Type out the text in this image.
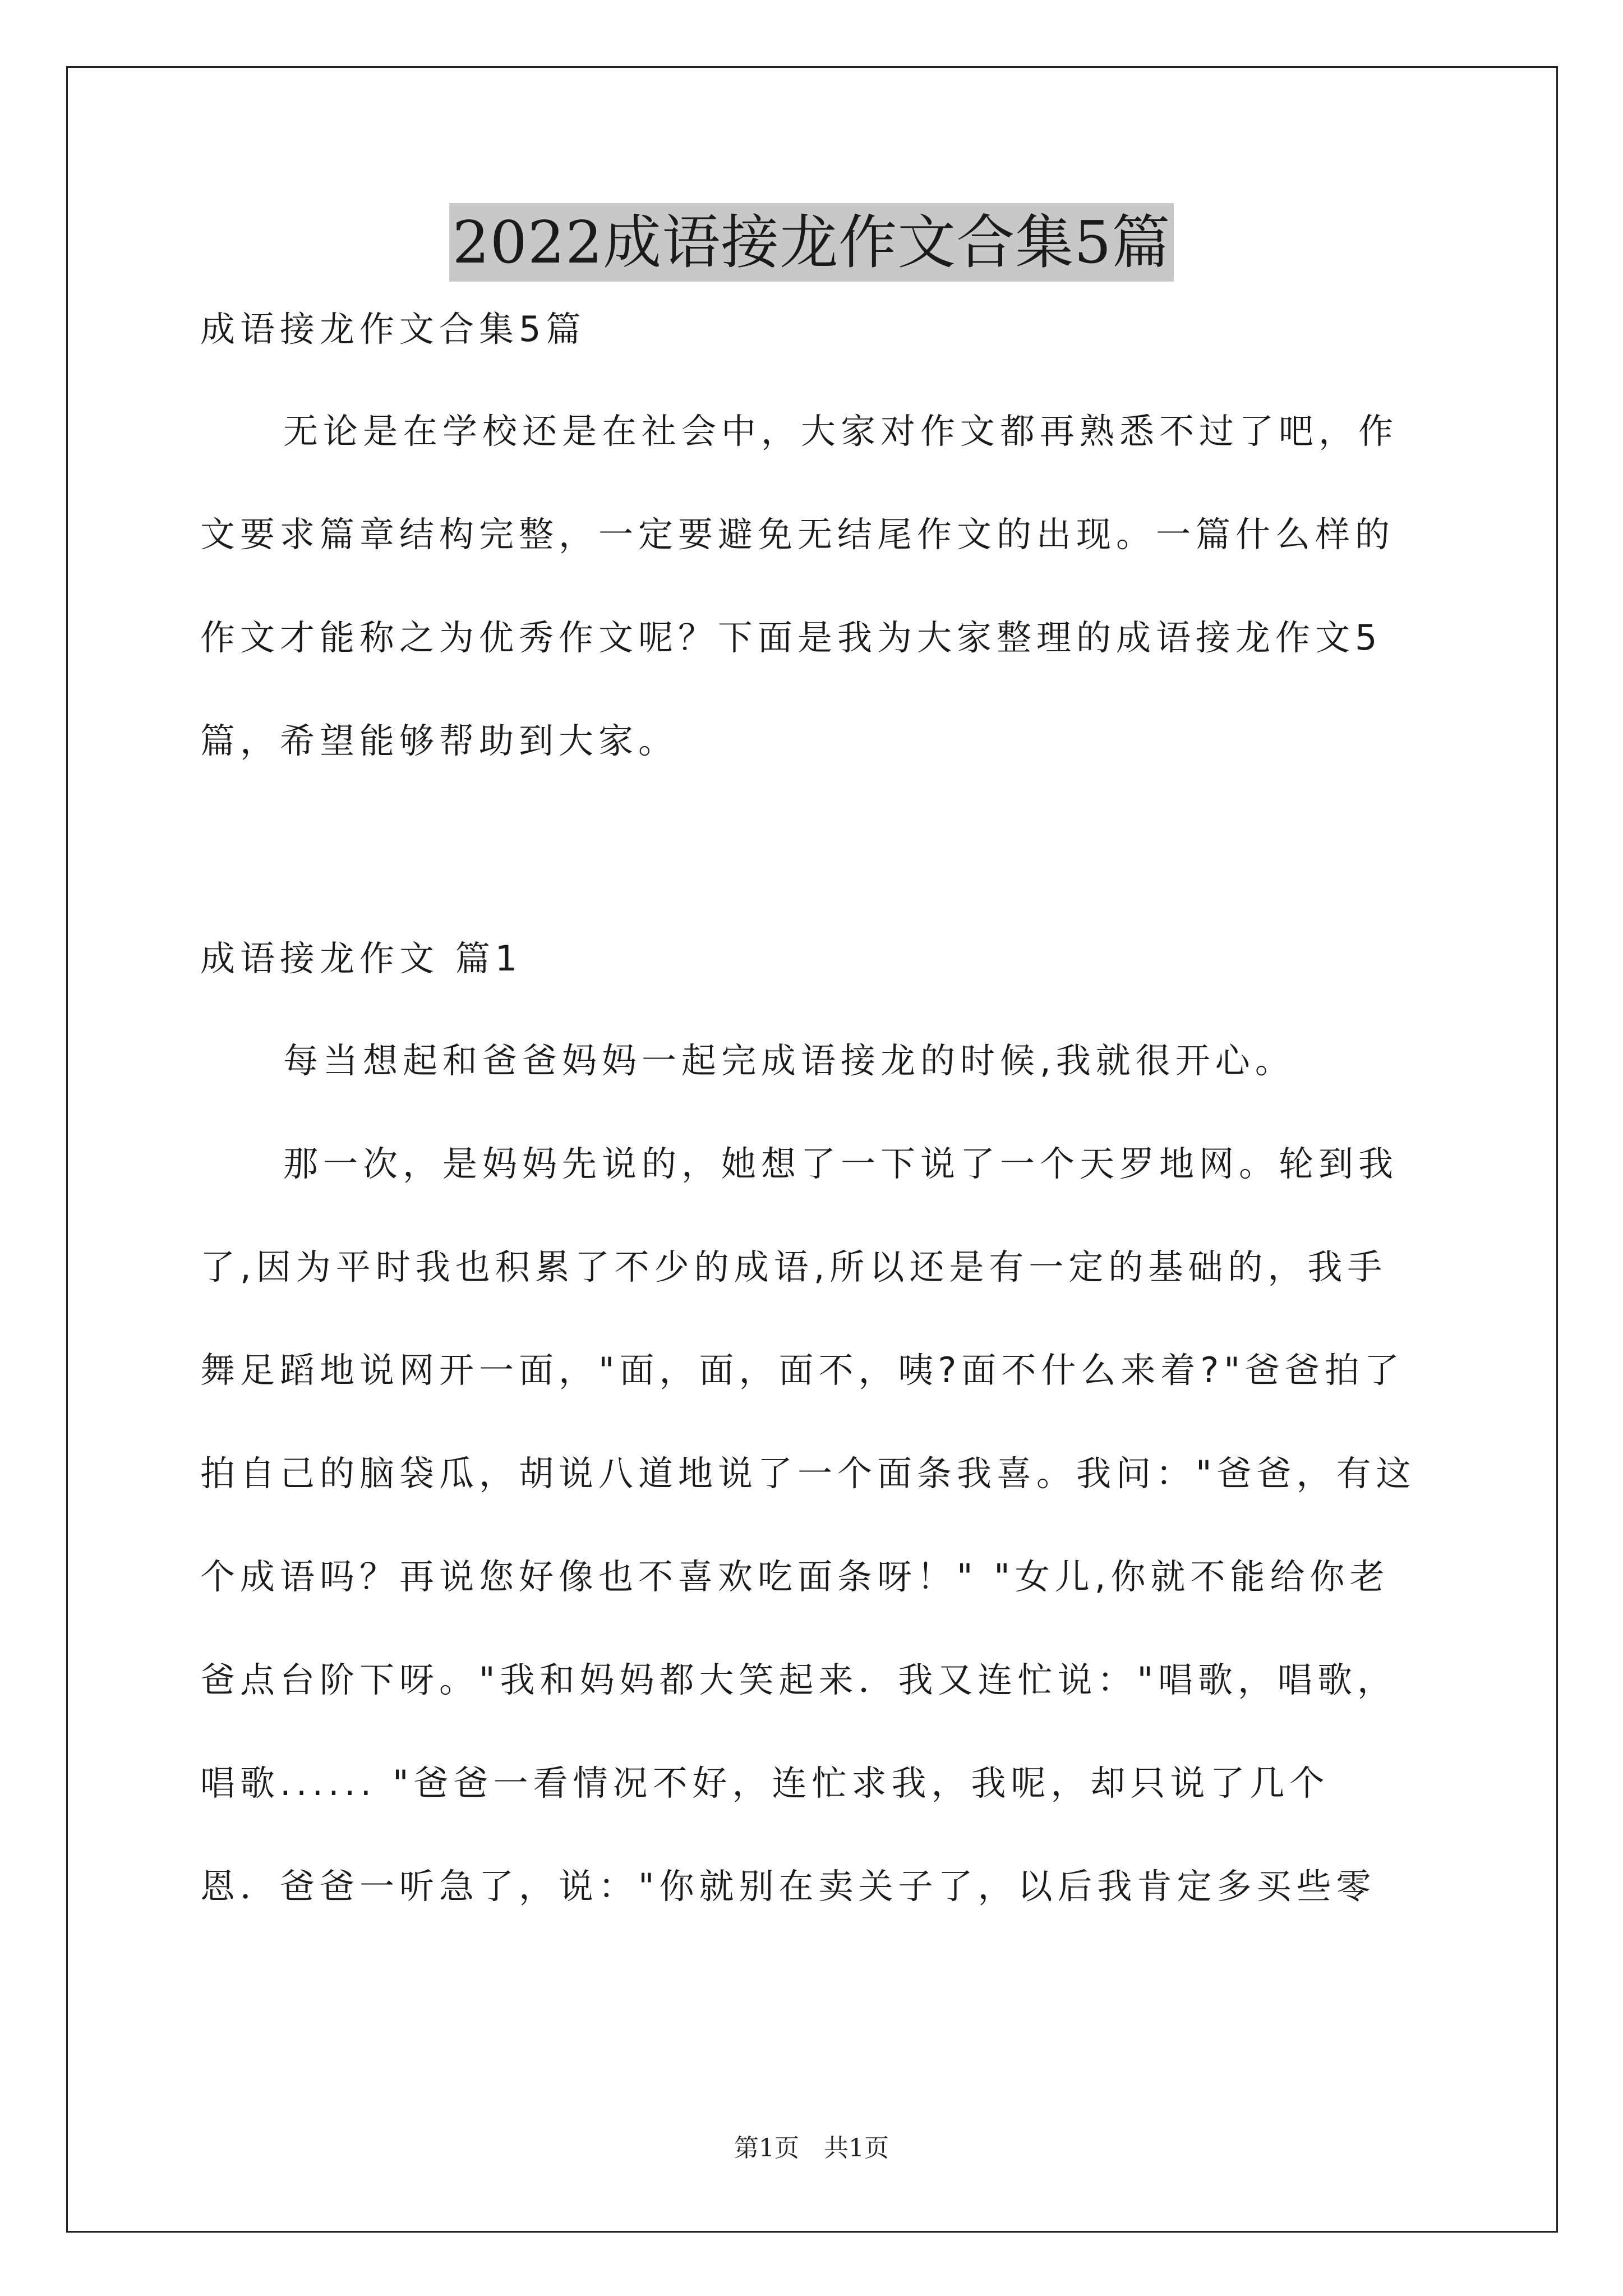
2022成语接龙作文合集5篇
成语接龙作文合集5篇
无论是在学校还是在社会中，大家对作文都再熟悉不过了吧，作
文要求篇章结构完整，一定要避免无结尾作文的出现。一篇什么样的
作文才能称之为优秀作文呢？下面是我为大家整理的成语接龙作文5
篇，希望能够帮助到大家。
成语接龙作文 篇1
每当想起和爸爸妈妈一起完成语接龙的时候,我就很开心。
那一次，是妈妈先说的，她想了一下说了一个天罗地网。轮到我
了,因为平时我也积累了不少的成语,所以还是有一定的基础的，我手
舞足蹈地说网开一面，"面，面，面不，咦?面不什么来着?"爸爸拍了
拍自己的脑袋瓜，胡说八道地说了一个面条我喜。我问："爸爸，有这
个成语吗？再说您好像也不喜欢吃面条呀！" "女儿,你就不能给你老
爸点台阶下呀。"我和妈妈都大笑起来．我又连忙说："唱歌，唱歌，
唱歌...... "爸爸一看情况不好，连忙求我，我呢，却只说了几个
恩．爸爸一听急了，说："你就别在卖关子了，以后我肯定多买些零
第1页　共1页
